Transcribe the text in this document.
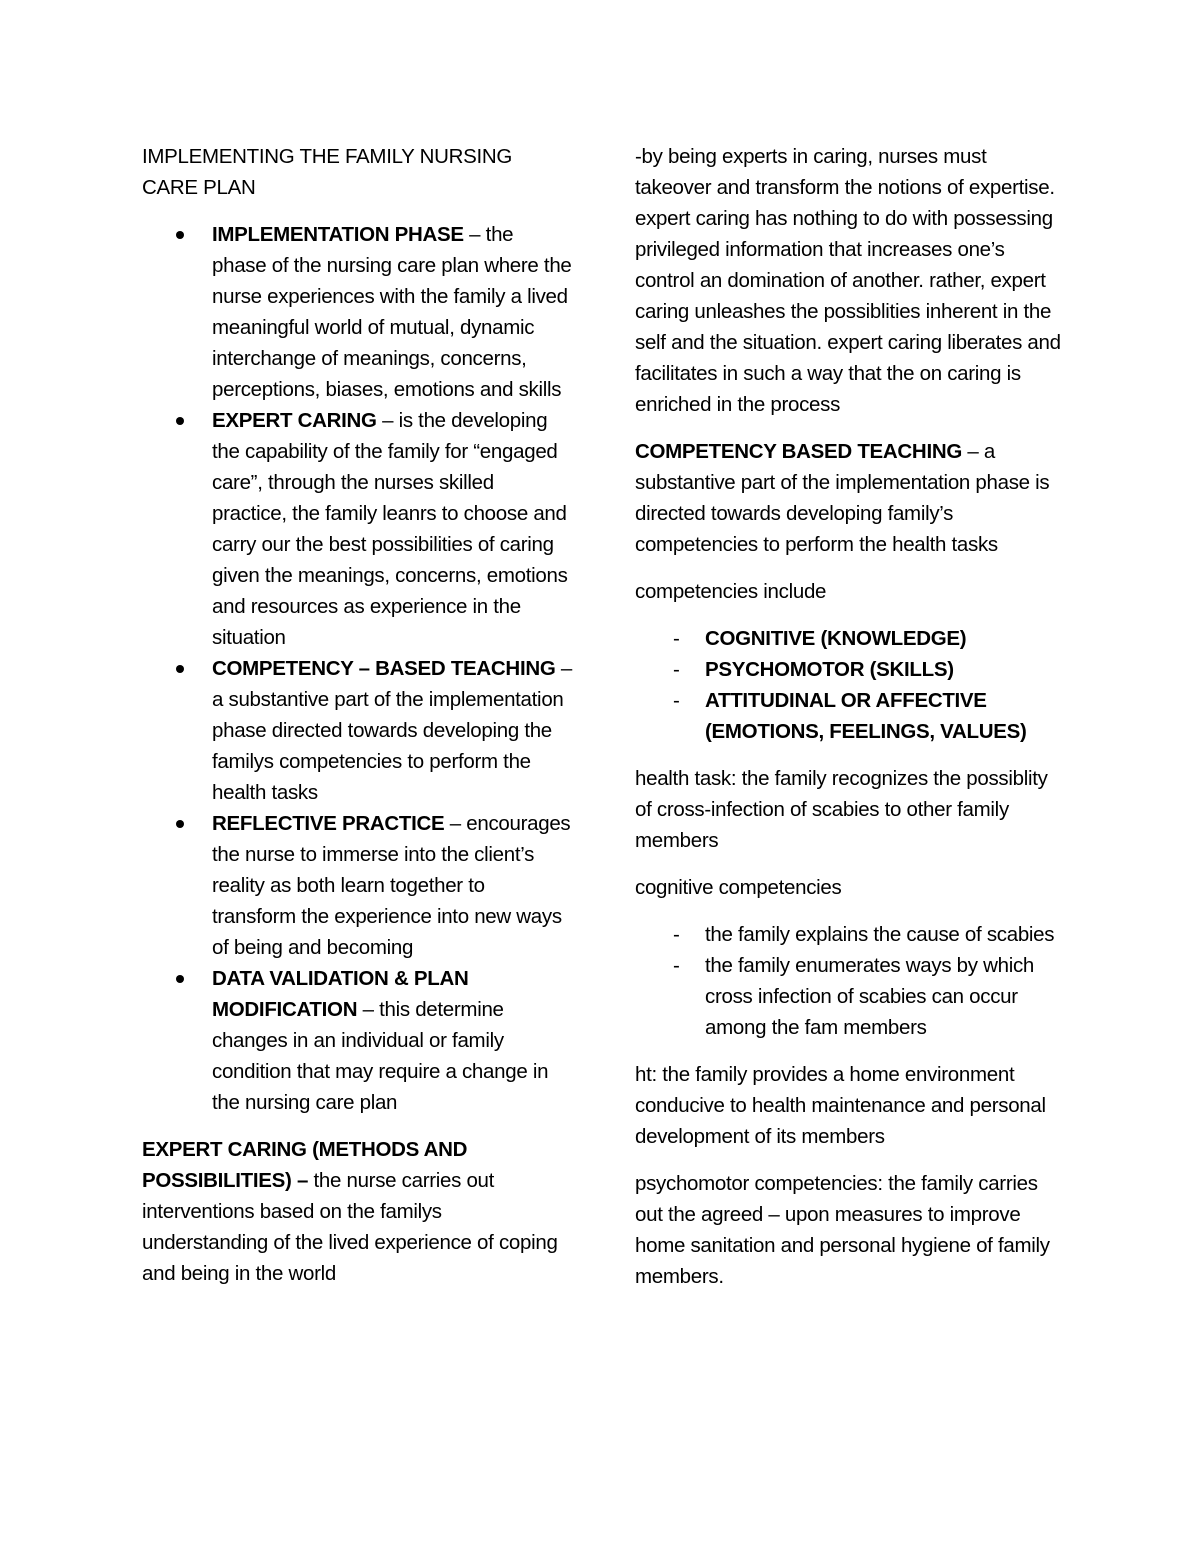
IMPLEMENTING THE FAMILY NURSING
CARE PLAN

IMPLEMENTATION PHASE – the phase of the nursing care plan where the nurse experiences with the family a lived meaningful world of mutual, dynamic interchange of meanings, concerns, perceptions, biases, emotions and skills
EXPERT CARING – is the developing the capability of the family for “engaged care”, through the nurses skilled practice, the family leanrs to choose and carry our the best possibilities of caring given the meanings, concerns, emotions and resources as experience in the situation
COMPETENCY – BASED TEACHING – a substantive part of the implementation phase directed towards developing the familys competencies to perform the health tasks
REFLECTIVE PRACTICE – encourages the nurse to immerse into the client’s reality as both learn together to transform the experience into new ways of being and becoming
DATA VALIDATION & PLAN MODIFICATION – this determine changes in an individual or family condition that may require a change in the nursing care plan

EXPERT CARING (METHODS AND POSSIBILITIES) – the nurse carries out interventions based on the familys understanding of the lived experience of coping and being in the world

-by being experts in caring, nurses must takeover and transform the notions of expertise. expert caring has nothing to do with possessing privileged information that increases one’s control an domination of another. rather, expert caring unleashes the possiblities inherent in the self and the situation. expert caring liberates and facilitates in such a way that the on caring is enriched in the process

COMPETENCY BASED TEACHING – a substantive part of the implementation phase is directed towards developing family’s competencies to perform the health tasks

competencies include

- COGNITIVE (KNOWLEDGE)
- PSYCHOMOTOR (SKILLS)
- ATTITUDINAL OR AFFECTIVE (EMOTIONS, FEELINGS, VALUES)

health task: the family recognizes the possiblity of cross-infection of scabies to other family members

cognitive competencies

- the family explains the cause of scabies
- the family enumerates ways by which cross infection of scabies can occur among the fam members

ht: the family provides a home environment conducive to health maintenance and personal development of its members

psychomotor competencies: the family carries out the agreed – upon measures to improve home sanitation and personal hygiene of family members.
